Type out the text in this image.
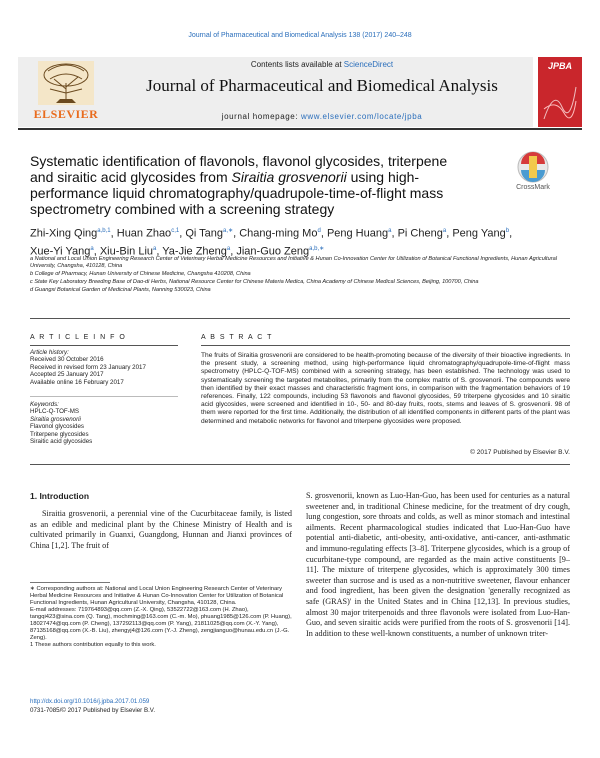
Journal of Pharmaceutical and Biomedical Analysis 138 (2017) 240–248
ELSEVIER
Contents lists available at ScienceDirect
Journal of Pharmaceutical and Biomedical Analysis
journal homepage: www.elsevier.com/locate/jpba
JPBA
Systematic identification of flavonols, flavonol glycosides, triterpene and siraitic acid glycosides from Siraitia grosvenorii using high-performance liquid chromatography/quadrupole-time-of-flight mass spectrometry combined with a screening strategy
CrossMark
Zhi-Xing Qing$^{a,b,1}$, Huan Zhao$^{c,1}$, Qi Tang$^{a,∗}$, Chang-ming Mo$^d$, Peng Huang$^a$, Pi Cheng$^a$, Peng Yang$^b$, Xue-Yi Yang$^a$, Xiu-Bin Liu$^a$, Ya-Jie Zheng$^a$, Jian-Guo Zeng$^{a,b,∗}$

a National and Local Union Engineering Research Center of Veterinary Herbal Medicine Resources and Initiative & Hunan Co-Innovation Center for Utilization of Botanical Functional Ingredients, Hunan Agricultural University, Changsha, 410128, China

b College of Pharmacy, Hunan University of Chinese Medicine, Changsha 410208, China

c State Key Laboratory Breeding Base of Dao-di Herbs, National Resource Center for Chinese Materia Medica, China Academy of Chinese Medical Sciences, Beijing, 100700, China

d Guangxi Botanical Garden of Medicinal Plants, Nanning 530023, China

A R T I C L E I N F O
Article history:
Received 30 October 2016
Received in revised form 23 January 2017
Accepted 25 January 2017
Available online 16 February 2017
Keywords:
HPLC-Q-TOF-MS
Siraitia grosvenorii
Flavonol glycosides
Triterpene glycosides
Siraitic acid glycosides
A B S T R A C T
The fruits of Siraitia grosvenorii are considered to be health-promoting because of the diversity of their bioactive ingredients. In the present study, a screening method, using high-performance liquid chromatography/quadrupole-time-of-flight mass spectrometry (HPLC-Q-TOF-MS) combined with a screening strategy, has been established. The technology was used to systematically screening the targeted metabolites, primarily from the complex matrix of S. grosvenorii. The compounds were then identified by their exact masses and characteristic fragment ions, in comparison with the fragmentation behaviors of 19 references. Finally, 122 compounds, including 53 flavonols and flavonol glycosides, 59 triterpene glycosides and 10 siraitic acid glycosides, were screened and identified in 10-, 50- and 80-day fruits, roots, stems and leaves of S. grosvenorii. 98 of them were reported for the first time. Additionally, the distribution of all identified components in different parts of the plant was determined and metabolic networks for flavonol and triterpene glycosides were proposed.
© 2017 Published by Elsevier B.V.
1. Introduction

Siraitia grosvenorii, a perennial vine of the Cucurbitaceae family, is listed as an edible and medicinal plant by the Chinese Ministry of Health and is cultivated primarily in Guanxi, Guangdong, Hunnan and Jianxi provinces of China [1,2]. The fruit of

S. grosvenorii, known as Luo-Han-Guo, has been used for centuries as a natural sweetener and, in traditional Chinese medicine, for the treatment of dry cough, lung congestion, sore throats and colds, as well as minor stomach and intestinal ailments. Recent pharmacological studies indicated that Luo-Han-Guo have potential anti-diabetic, anti-obesity, anti-oxidative, anti-cancer, anti-asthmatic and immuno-regulating effects [3–8]. Triterpene glycosides, which is a group of cucurbitane-type compound, are regarded as the main active constituents [9–11]. The mixture of triterpene glycosides, which is approximately 300 times sweeter than sucrose and is used as a non-nutritive sweetener, flavour enhancer and food ingredient, has been given the designation 'generally recognized as safe (GRAS)' in the United States and in China [12,13]. In previous studies, almost 30 major triterpenoids and three flavonols were isolated from Luo-Han-Guo, and seven siraitic acids were purified from the roots of S. grosvenorii [14]. In addition to these well-known constituents, a number of unknown triter-

∗ Corresponding authors at: National and Local Union Engineering Research Center of Veterinary Herbal Medicine Resources and Initiative & Hunan Co-Innovation Center for Utilization of Botanical Functional Ingredients, Hunan Agricultural University, Changsha, 410128, China.

E-mail addresses: 719764893@qq.com (Z.-X. Qing), 53522722@163.com (H. Zhao), tangqi423@sina.com (Q. Tang), mochming@163.com (C.-m. Mo), phuang1985@126.com (P. Huang), 18027474@qq.com (P. Cheng), 137292113@qq.com (P. Yang), 21811025@qq.com (X.-Y. Yang), 87135168@qq.com (X.-B. Liu), zhengyj4@126.com (Y.-J. Zheng), zengjianguo@hunau.edu.cn (J.-G. Zeng).

1 These authors contribution equally to this work.

http://dx.doi.org/10.1016/j.jpba.2017.01.059
0731-7085/© 2017 Published by Elsevier B.V.
